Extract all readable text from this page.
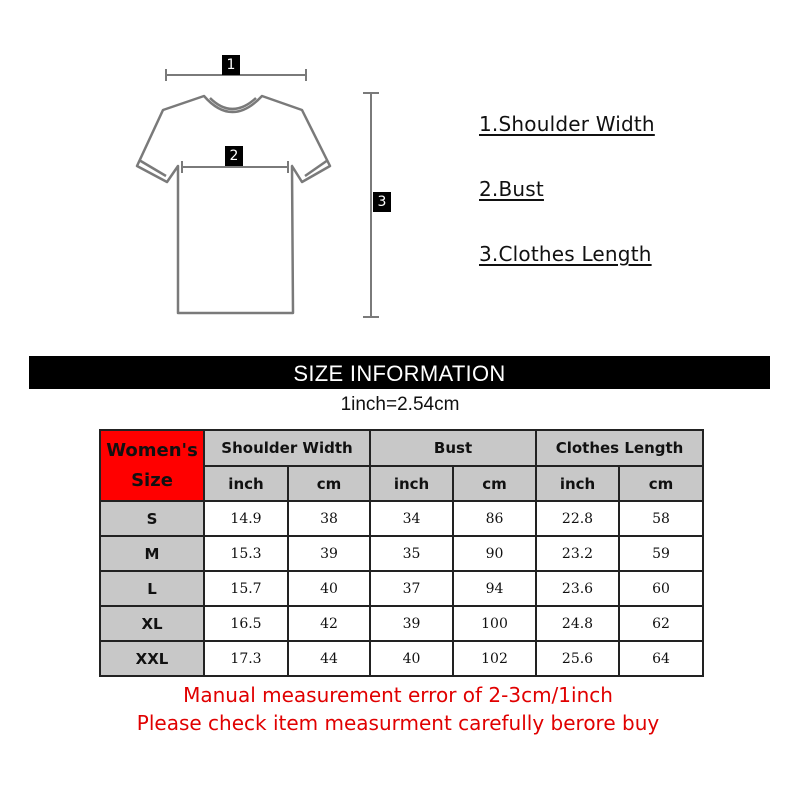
1
2
3
1.Shoulder Width
2.Bust
3.Clothes Length
SIZE INFORMATION
1inch=2.54cm
Women's
Size	Shoulder Width		Bust		Clothes Length	
	inch	cm	inch	cm	inch	cm
S	14.9	38	34	86	22.8	58
M	15.3	39	35	90	23.2	59
L	15.7	40	37	94	23.6	60
XL	16.5	42	39	100	24.8	62
XXL	17.3	44	40	102	25.6	64
Manual measurement error of 2-3cm/1inch
Please check item measurment carefully berore buy
